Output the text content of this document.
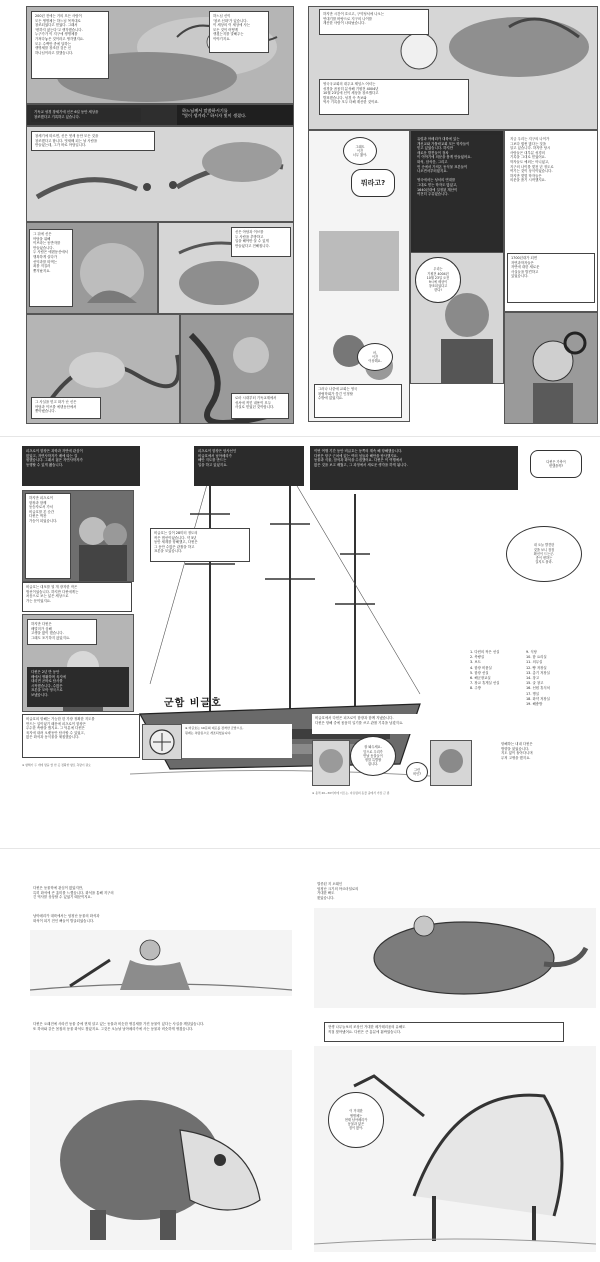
200년 전에는 거의 모든 사람이
모든 생명체는 하느님 목적대로
창조되었다고 믿었다. 그래서
'변하지 않는다'고 생각했습니다.
누구가가 이 지구에 생명체를
가져다놓은 것이라고 생각했지요.
모두 수백만 종에 달하는
생명체를 창조한 것은 신
하나님이라고 말했습니다.
하느님 신이
'청조 신화'가 있습니다.
이 세상의 이 세상에 사는
모든 것이 어떻게
생겼는지를 말해주는
이야기지요.
기독교 성경 창세기에 신은 6일 동안 세상을
창조했다고 기록하고 있습니다.
하느님께서 말씀하시기를
"빛이 생겨라." 하시자 빛이 생겼다.
창세기에 따르면, 신은 엿새 동안 모든 것을
창조했다고 합니다. 엿새째 되는 날 사람을
만들었는데, 그가 바로 아담입니다.
그 뒤에 신은
아담을 위해
이브라는 동반자를
만들었습니다.
두 사람은 에덴동산에서
행복하게 살다가
선악과를 따먹는
죄를 저질러
쫓겨났지요.
신은 아담과 이브를
두 사람을 추방하고
일을 해야만 살 수 있게
만들었다고 전해집니다.
그 사실을 믿고 화가 난 신은
아담과 이브를 에덴동산에서
쫓아냈습니다.
로마 시대부터 기독교계에서
성서에 적힌 내용이 모두
사실로 믿었던 것이랍니다.
하지만 시간이 흐르고, 구약성서에 나오는
연대기를 바탕으로 지구의 나이를
계산한 사람이 나타났습니다.
영국국교회의 대주교 제임스 어셔는
성경을 꼼꼼히 분석해 기원전 4004년
10월 23일에 신이 세상을 창조했다고
발표했습니다. 성경 속 족보와
역사 기록을 모두 더해 계산한 것이죠.
그래도
이건
너무 짧아.
뭐라고?
어,
이건
이상해요.
유럽과 아메리카 대륙에 있는
개신교와 가톨릭교회 모든 학자들이
믿고 있었습니다. 하지만
새로운 발견들이 점차
이 이야기에 의문을 품게 만들었어요.
화석, 암석층, 그리고
먼 곳에서 가져온 동식물 표본들이
나오면서부터였지요.

영국에서는 성서의 연대를
그대로 믿는 학자도 많았고,
1640년대에 설정된 계산이
여전히 주류였습니다.
지금 우리는 지구의 나이가
그보다 훨씬 많다는 것을
알고 있습니다. 하지만 당시
사람들은 대부분 성경의
기록을 그대로 믿었어요.
학자들도 예외는 아니었고,
지구의 나이를 몇천 년 정도로
여기는 것이 상식이었습니다.
하지만 몇몇 학자들은
의문을 품기 시작했지요.
1700년대가 되면
자연과학자들은
자연에 대한 새로운
사실들을 발견하고
있었습니다.
우리는
기원전 4004년
10월 23일 오전
9시에 세상이
창조되었다고
한다!
그러나 나중에 교회는 영국
왕립학회가 뭉긴 인정할
수밖에 없었지요.
피츠로이 함장은 과학과 자연에 관심이
많았고, 자연사학자가 배에 타는 걸
원했습니다. 그래서 젊은 자연사학자가
동행할 수 있게 됐습니다.
피츠로이 함장은 탐사선인
비글호에서 남아메리카
해안 지도를 만드는
일을 하고 있었지요.
하지만 피츠로이
함장과 함께
동승자로서 가서
비글호를 본 순간
다윈은 벅찬
가슴이 되었습니다.
비글호는 길이 28미터 정도의
작은 범선이었습니다. 약 5년
동안 세계를 항해했고, 다윈은
그 동안 수많은 관찰을 하고
표본을 모았습니다.
비글호는 대포를 열 개 장착한 작은
범선이었습니다. 하지만 다윈에게는
처음으로 보는 넓은 세상으로
가는 문이었지요.
하지만 다윈은
배멀미가 심해
고생을 많이 했습니다.
그래도 포기하지 않았지요.
다윈은 2년 반 동안
배에서 생활하며 육지에
내리면 곧바로 탐사를
시작했습니다. 수많은
표본을 모아 영국으로
보냈습니다.
비글호의 항해는 가능한 한 가장 정확한 지도를
만드는 일이었기 때문에 피츠로이 함장은
무수한 측량을 했지요. 그 덕분에 다윈은
육지에 내려 오랫동안 탐사할 수 있었고,
많은 화석과 동식물을 채집했습니다.
군함 비글호
※ 비글호는 10문의 대포를 장착한 군함으로,
원래는 측량용으로 개조되었습니다.
※ 항해가 두 개에 방을 할 한 곳 정확한 항로 측량이 필요
이번 여행 기간 동안 비글호는 동쪽의 계속 해 항해했습니다.
다윈은 항구 근처에 있는 여러 섬들과 해안을 탐사했지요.
동물과 식물, 암석과 화석을 수집했어요. 다윈은 이 여행에서
많은 것을 보고 배웠고, 그 과정에서 새로운 생각을 하게 됩니다.
다윈은 가축이
변했을까?
내 오늘 발견한
것을 보니 점점
확신이 드는군.
종이 변하는
걸지도 몰라.
비글호에서 다윈은 피츠로이 함장과 함께 지냈습니다.
다윈은 항해 중에 꼼꼼히 일기를 쓰고 관찰 기록을 남겼지요.
1. 다윈의 작은 선실
2. 측량실
3. 보트
4. 함장 비품실
5. 함장 선실
6. 해군장교실
7. 장교 휴게실 선실
8. 주방
9. 식당
10. 함 요리실
11. 의무실
12. 빵 저장실
13. 총기 저장실
14. 창고
15. 술 창고
16. 선원 휴식처
17. 병실
18. 화약 저장실
19. 해충방
잘 봐두세요.
앞으로 우리가
만날 동물들이
정말 특별할
겁니다.
그런
비인?
항해하는 내내 다윈은
방향을 잃었습니다.
지도 없이 돌아다니며
무척 고생을 했지요.
※ 용적 20~30미터에 이르는, 자유럽의 동물 중에서 가장 큰 종
다윈은 동물학에 관심이 많았지만,
특히 화석에 큰 흥미를 느꼈습니다. 화석을 통해 지구의
긴 역사를 상상할 수 있었기 때문이지요.
남아메리카 대륙에서는 엄청난 동물의 화석과
화석이 되기 전인 뼈들이 발굴되었습니다.
다윈은 오래전에 사라진 동물 중에 현재 살고 있는 동물과 비슷한 생김새를 가진 동물이 있다는 사실을 깨달았습니다.
또 하마와 같은 몸집의 동물 화석도 찾았지요. 그것은 오늘날 남아메리카에 사는 동물과 비슷하게 생겼습니다.
멸종된 지 오래인
엄청난 크기의 아르마딜로의
거대한 뼈도
찾았습니다.
현생 나무늘보의 조상인 거대한 메가테리움의 유해도
직접 찾아냈어요. 다윈은 큰 흥분에 휩싸였습니다.
이 거대한
생명체는
현재 남아메리카
동물과 닮은
점이 많아.
